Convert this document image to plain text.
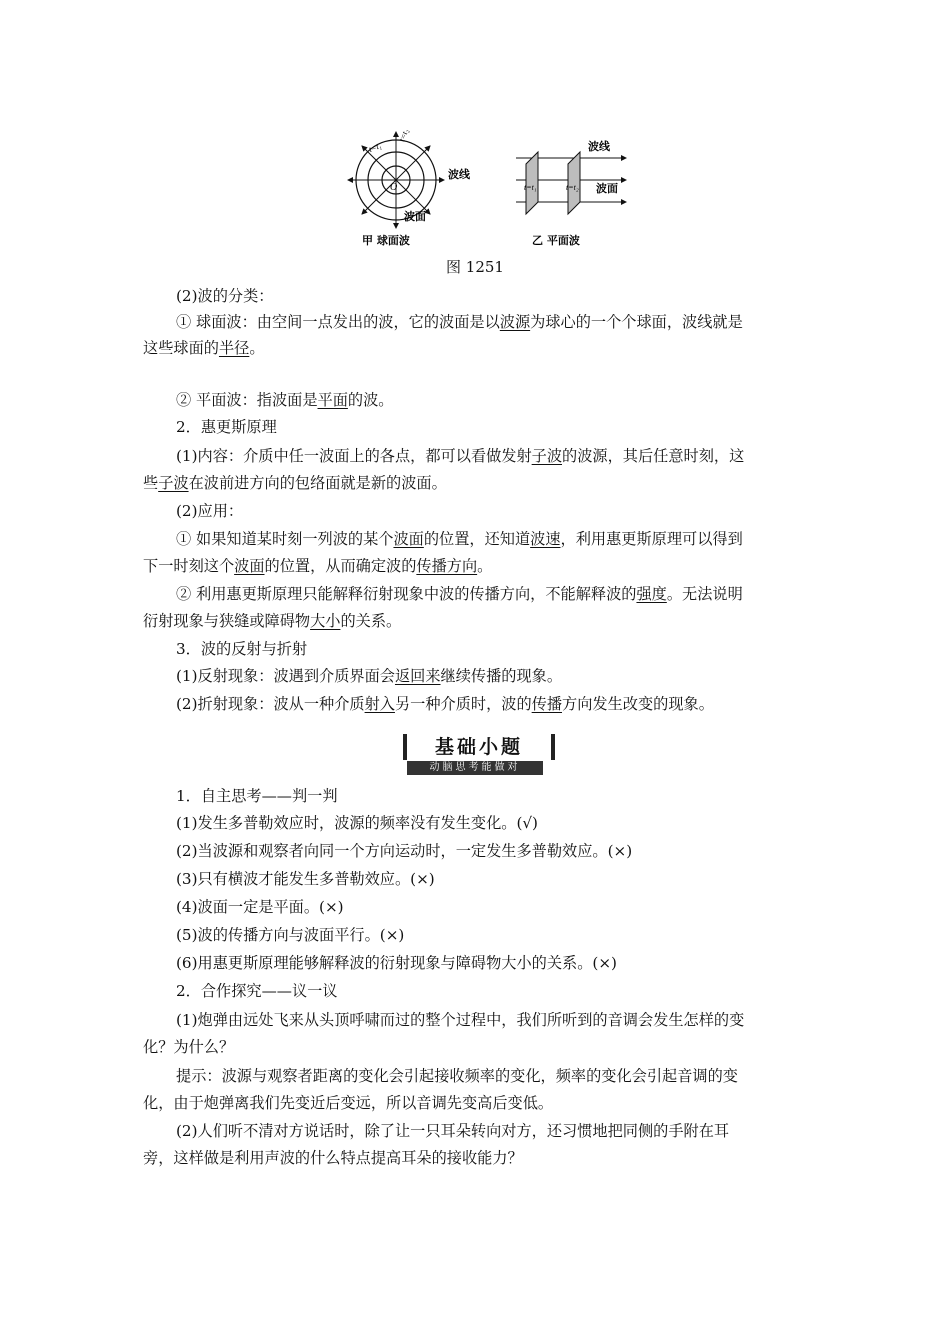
t=t₁
t=t₂
O
波线
波面
甲 球面波
t=t₁	t=t₂
波线
波面
乙 平面波
图 1251
(2)波的分类：
① 球面波：由空间一点发出的波，它的波面是以波源为球心的一个个球面，波线就是
这些球面的半径。
② 平面波：指波面是平面的波。
2．惠更斯原理
(1)内容：介质中任一波面上的各点，都可以看做发射子波的波源，其后任意时刻，这
些子波在波前进方向的包络面就是新的波面。
(2)应用：
① 如果知道某时刻一列波的某个波面的位置，还知道波速，利用惠更斯原理可以得到
下一时刻这个波面的位置，从而确定波的传播方向。
② 利用惠更斯原理只能解释衍射现象中波的传播方向，不能解释波的强度。无法说明
衍射现象与狭缝或障碍物大小的关系。
3．波的反射与折射
(1)反射现象：波遇到介质界面会返回来继续传播的现象。
(2)折射现象：波从一种介质射入另一种介质时，波的传播方向发生改变的现象。
基础小题
动脑思考能做对
1．自主思考——判一判
(1)发生多普勒效应时，波源的频率没有发生变化。(√)
(2)当波源和观察者向同一个方向运动时，一定发生多普勒效应。(×)
(3)只有横波才能发生多普勒效应。(×)
(4)波面一定是平面。(×)
(5)波的传播方向与波面平行。(×)
(6)用惠更斯原理能够解释波的衍射现象与障碍物大小的关系。(×)
2．合作探究——议一议
(1)炮弹由远处飞来从头顶呼啸而过的整个过程中，我们所听到的音调会发生怎样的变
化？为什么？
提示：波源与观察者距离的变化会引起接收频率的变化，频率的变化会引起音调的变
化，由于炮弹离我们先变近后变远，所以音调先变高后变低。
(2)人们听不清对方说话时，除了让一只耳朵转向对方，还习惯地把同侧的手附在耳
旁，这样做是利用声波的什么特点提高耳朵的接收能力？
